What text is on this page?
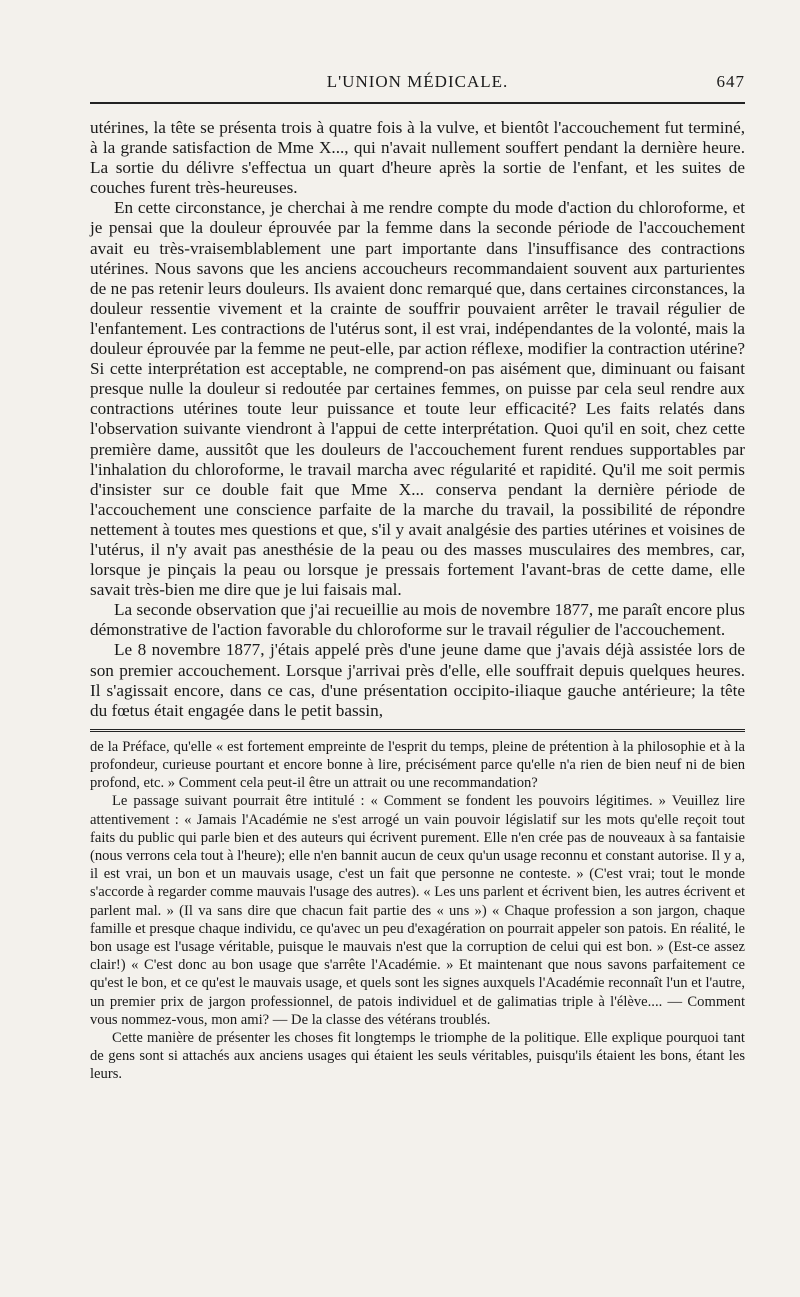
L'UNION MÉDICALE.	647

utérines, la tête se présenta trois à quatre fois à la vulve, et bientôt l'accouchement fut terminé, à la grande satisfaction de Mme X..., qui n'avait nullement souffert pendant la dernière heure. La sortie du délivre s'effectua un quart d'heure après la sortie de l'enfant, et les suites de couches furent très-heureuses.

En cette circonstance, je cherchai à me rendre compte du mode d'action du chloroforme, et je pensai que la douleur éprouvée par la femme dans la seconde période de l'accouchement avait eu très-vraisemblablement une part importante dans l'insuffisance des contractions utérines. Nous savons que les anciens accoucheurs recommandaient souvent aux parturientes de ne pas retenir leurs douleurs. Ils avaient donc remarqué que, dans certaines circonstances, la douleur ressentie vivement et la crainte de souffrir pouvaient arrêter le travail régulier de l'enfantement. Les contractions de l'utérus sont, il est vrai, indépendantes de la volonté, mais la douleur éprouvée par la femme ne peut-elle, par action réflexe, modifier la contraction utérine? Si cette interprétation est acceptable, ne comprend-on pas aisément que, diminuant ou faisant presque nulle la douleur si redoutée par certaines femmes, on puisse par cela seul rendre aux contractions utérines toute leur puissance et toute leur efficacité? Les faits relatés dans l'observation suivante viendront à l'appui de cette interprétation. Quoi qu'il en soit, chez cette première dame, aussitôt que les douleurs de l'accouchement furent rendues supportables par l'inhalation du chloroforme, le travail marcha avec régularité et rapidité. Qu'il me soit permis d'insister sur ce double fait que Mme X... conserva pendant la dernière période de l'accouchement une conscience parfaite de la marche du travail, la possibilité de répondre nettement à toutes mes questions et que, s'il y avait analgésie des parties utérines et voisines de l'utérus, il n'y avait pas anesthésie de la peau ou des masses musculaires des membres, car, lorsque je pinçais la peau ou lorsque je pressais fortement l'avant-bras de cette dame, elle savait très-bien me dire que je lui faisais mal.

La seconde observation que j'ai recueillie au mois de novembre 1877, me paraît encore plus démonstrative de l'action favorable du chloroforme sur le travail régulier de l'accouchement.

Le 8 novembre 1877, j'étais appelé près d'une jeune dame que j'avais déjà assistée lors de son premier accouchement. Lorsque j'arrivai près d'elle, elle souffrait depuis quelques heures. Il s'agissait encore, dans ce cas, d'une présentation occipito-iliaque gauche antérieure; la tête du fœtus était engagée dans le petit bassin,

de la Préface, qu'elle « est fortement empreinte de l'esprit du temps, pleine de prétention à la philosophie et à la profondeur, curieuse pourtant et encore bonne à lire, précisément parce qu'elle n'a rien de bien neuf ni de bien profond, etc. » Comment cela peut-il être un attrait ou une recommandation?

Le passage suivant pourrait être intitulé : « Comment se fondent les pouvoirs légitimes. » Veuillez lire attentivement : « Jamais l'Académie ne s'est arrogé un vain pouvoir législatif sur les mots qu'elle reçoit tout faits du public qui parle bien et des auteurs qui écrivent purement. Elle n'en crée pas de nouveaux à sa fantaisie (nous verrons cela tout à l'heure); elle n'en bannit aucun de ceux qu'un usage reconnu et constant autorise. Il y a, il est vrai, un bon et un mauvais usage, c'est un fait que personne ne conteste. » (C'est vrai; tout le monde s'accorde à regarder comme mauvais l'usage des autres). « Les uns parlent et écrivent bien, les autres écrivent et parlent mal. » (Il va sans dire que chacun fait partie des « uns ») « Chaque profession a son jargon, chaque famille et presque chaque individu, ce qu'avec un peu d'exagération on pourrait appeler son patois. En réalité, le bon usage est l'usage véritable, puisque le mauvais n'est que la corruption de celui qui est bon. » (Est-ce assez clair!) « C'est donc au bon usage que s'arrête l'Académie. » Et maintenant que nous savons parfaitement ce qu'est le bon, et ce qu'est le mauvais usage, et quels sont les signes auxquels l'Académie reconnaît l'un et l'autre, un premier prix de jargon professionnel, de patois individuel et de galimatias triple à l'élève.... — Comment vous nommez-vous, mon ami? — De la classe des vétérans troublés.

Cette manière de présenter les choses fit longtemps le triomphe de la politique. Elle explique pourquoi tant de gens sont si attachés aux anciens usages qui étaient les seuls véritables, puisqu'ils étaient les bons, étant les leurs.
